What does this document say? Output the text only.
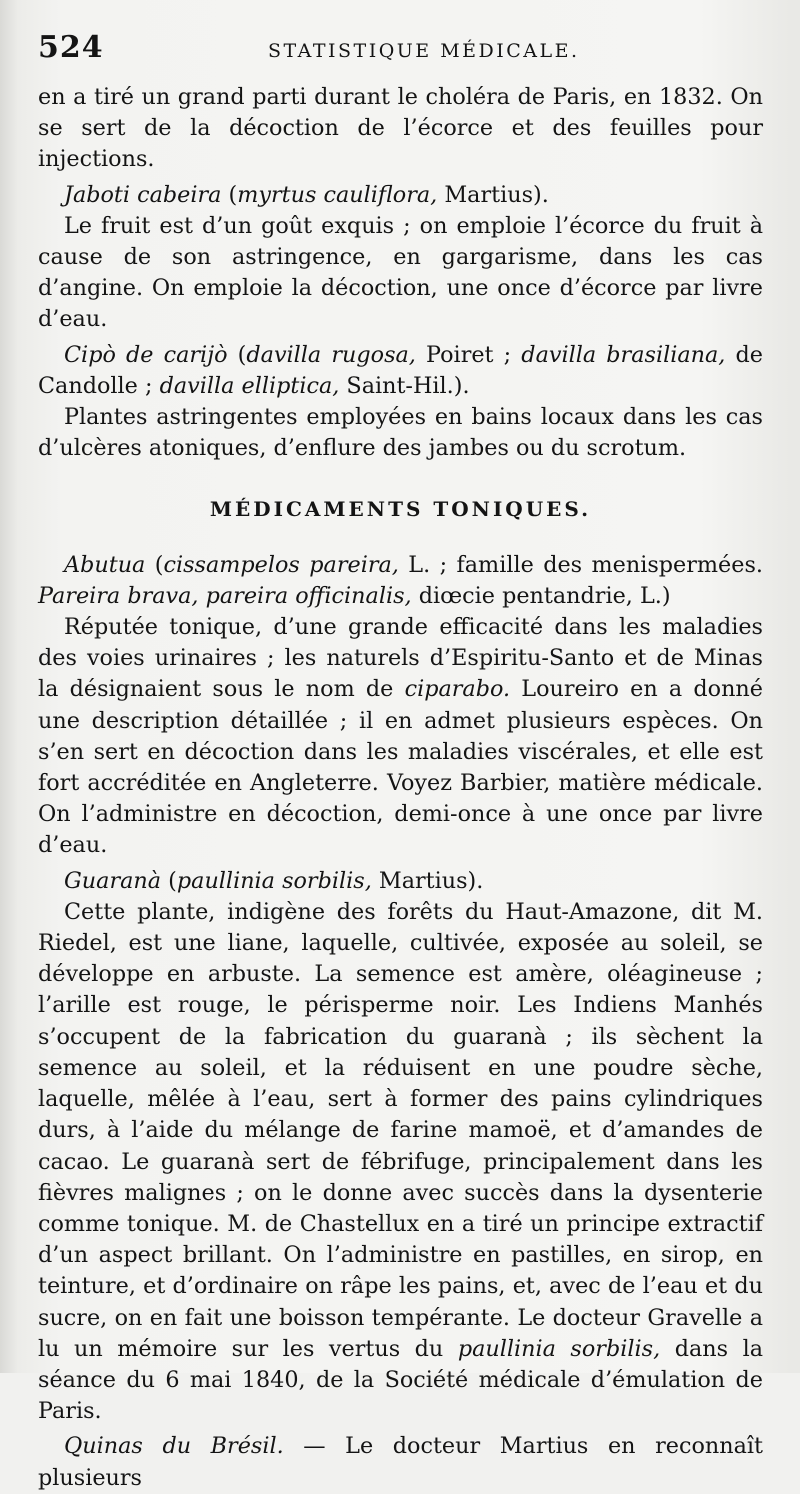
524	STATISTIQUE MÉDICALE.

en a tiré un grand parti durant le choléra de Paris, en 1832. On se sert de la décoction de l’écorce et des feuilles pour injections.

Jaboti cabeira (myrtus cauliflora, Martius).

Le fruit est d’un goût exquis ; on emploie l’écorce du fruit à cause de son astringence, en gargarisme, dans les cas d’angine. On emploie la décoction, une once d’écorce par livre d’eau.

Cipò de carijò (davilla rugosa, Poiret ; davilla brasiliana, de Candolle ; davilla elliptica, Saint-Hil.).

Plantes astringentes employées en bains locaux dans les cas d’ulcères atoniques, d’enflure des jambes ou du scrotum.

MÉDICAMENTS TONIQUES.

Abutua (cissampelos pareira, L. ; famille des menispermées. Pareira brava, pareira officinalis, diœcie pentandrie, L.)

Réputée tonique, d’une grande efficacité dans les maladies des voies urinaires ; les naturels d’Espiritu-Santo et de Minas la désignaient sous le nom de ciparabo. Loureiro en a donné une description détaillée ; il en admet plusieurs espèces. On s’en sert en décoction dans les maladies viscérales, et elle est fort accréditée en Angleterre. Voyez Barbier, matière médicale. On l’administre en décoction, demi-once à une once par livre d’eau.

Guaranà (paullinia sorbilis, Martius).

Cette plante, indigène des forêts du Haut-Amazone, dit M. Riedel, est une liane, laquelle, cultivée, exposée au soleil, se développe en arbuste. La semence est amère, oléagineuse ; l’arille est rouge, le périsperme noir. Les Indiens Manhés s’occupent de la fabrication du guaranà ; ils sèchent la semence au soleil, et la réduisent en une poudre sèche, laquelle, mêlée à l’eau, sert à former des pains cylindriques durs, à l’aide du mélange de farine mamoë, et d’amandes de cacao. Le guaranà sert de fébrifuge, principalement dans les fièvres malignes ; on le donne avec succès dans la dysenterie comme tonique. M. de Chastellux en a tiré un principe extractif d’un aspect brillant. On l’administre en pastilles, en sirop, en teinture, et d’ordinaire on râpe les pains, et, avec de l’eau et du sucre, on en fait une boisson tempérante. Le docteur Gravelle a lu un mémoire sur les vertus du paullinia sorbilis, dans la séance du 6 mai 1840, de la Société médicale d’émulation de Paris.

Quinas du Brésil. — Le docteur Martius en reconnaît plusieurs
